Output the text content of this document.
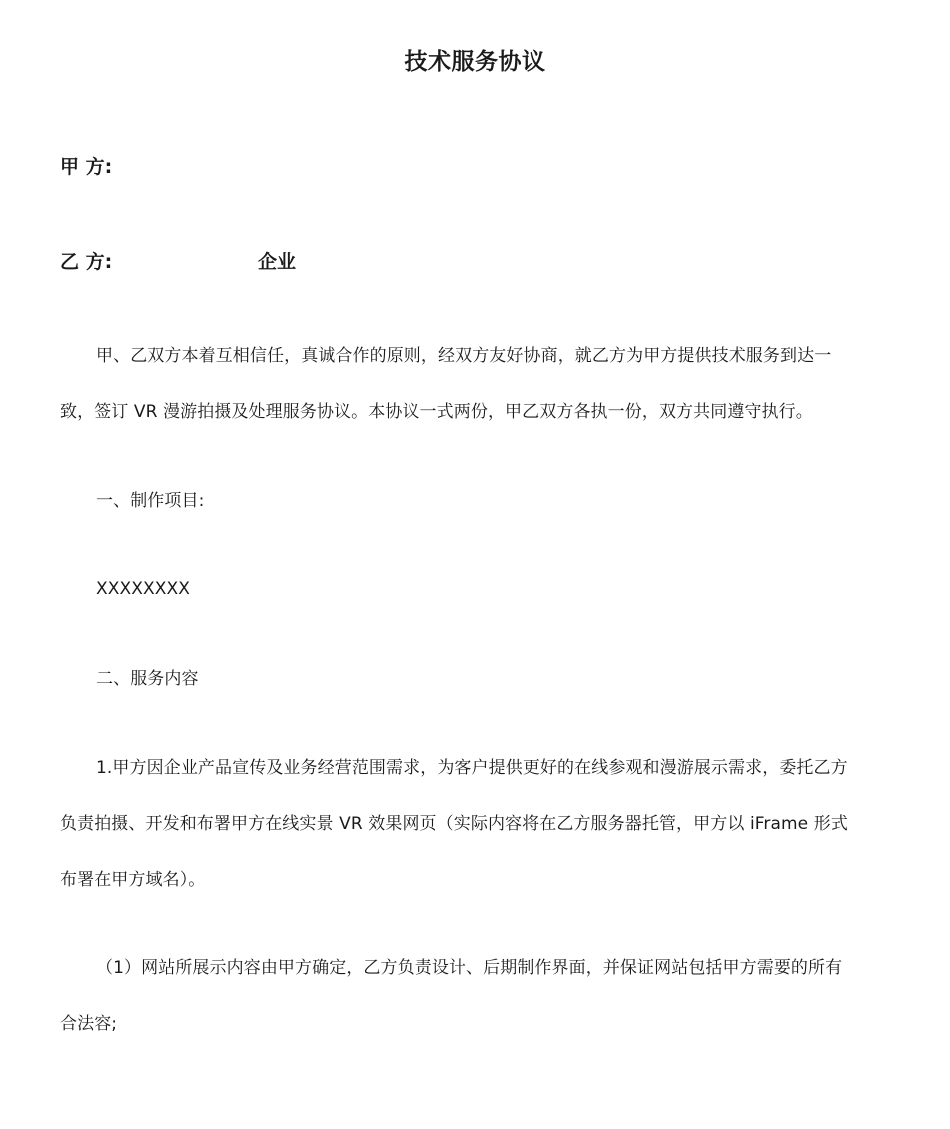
技术服务协议
甲 方:
乙 方:	企业
甲、乙双方本着互相信任，真诚合作的原则，经双方友好协商，就乙方为甲方提供技术服务到达一
致，签订 VR 漫游拍摄及处理服务协议。本协议一式两份，甲乙双方各执一份，双方共同遵守执行。
一、制作项目:
XXXXXXXX
二、服务内容
1.甲方因企业产品宣传及业务经营范围需求，为客户提供更好的在线参观和漫游展示需求，委托乙方
负责拍摄、开发和布署甲方在线实景 VR 效果网页（实际内容将在乙方服务器托管，甲方以 iFrame 形式
布署在甲方域名）。
（1）网站所展示内容由甲方确定，乙方负责设计、后期制作界面，并保证网站包括甲方需要的所有
合法容;
